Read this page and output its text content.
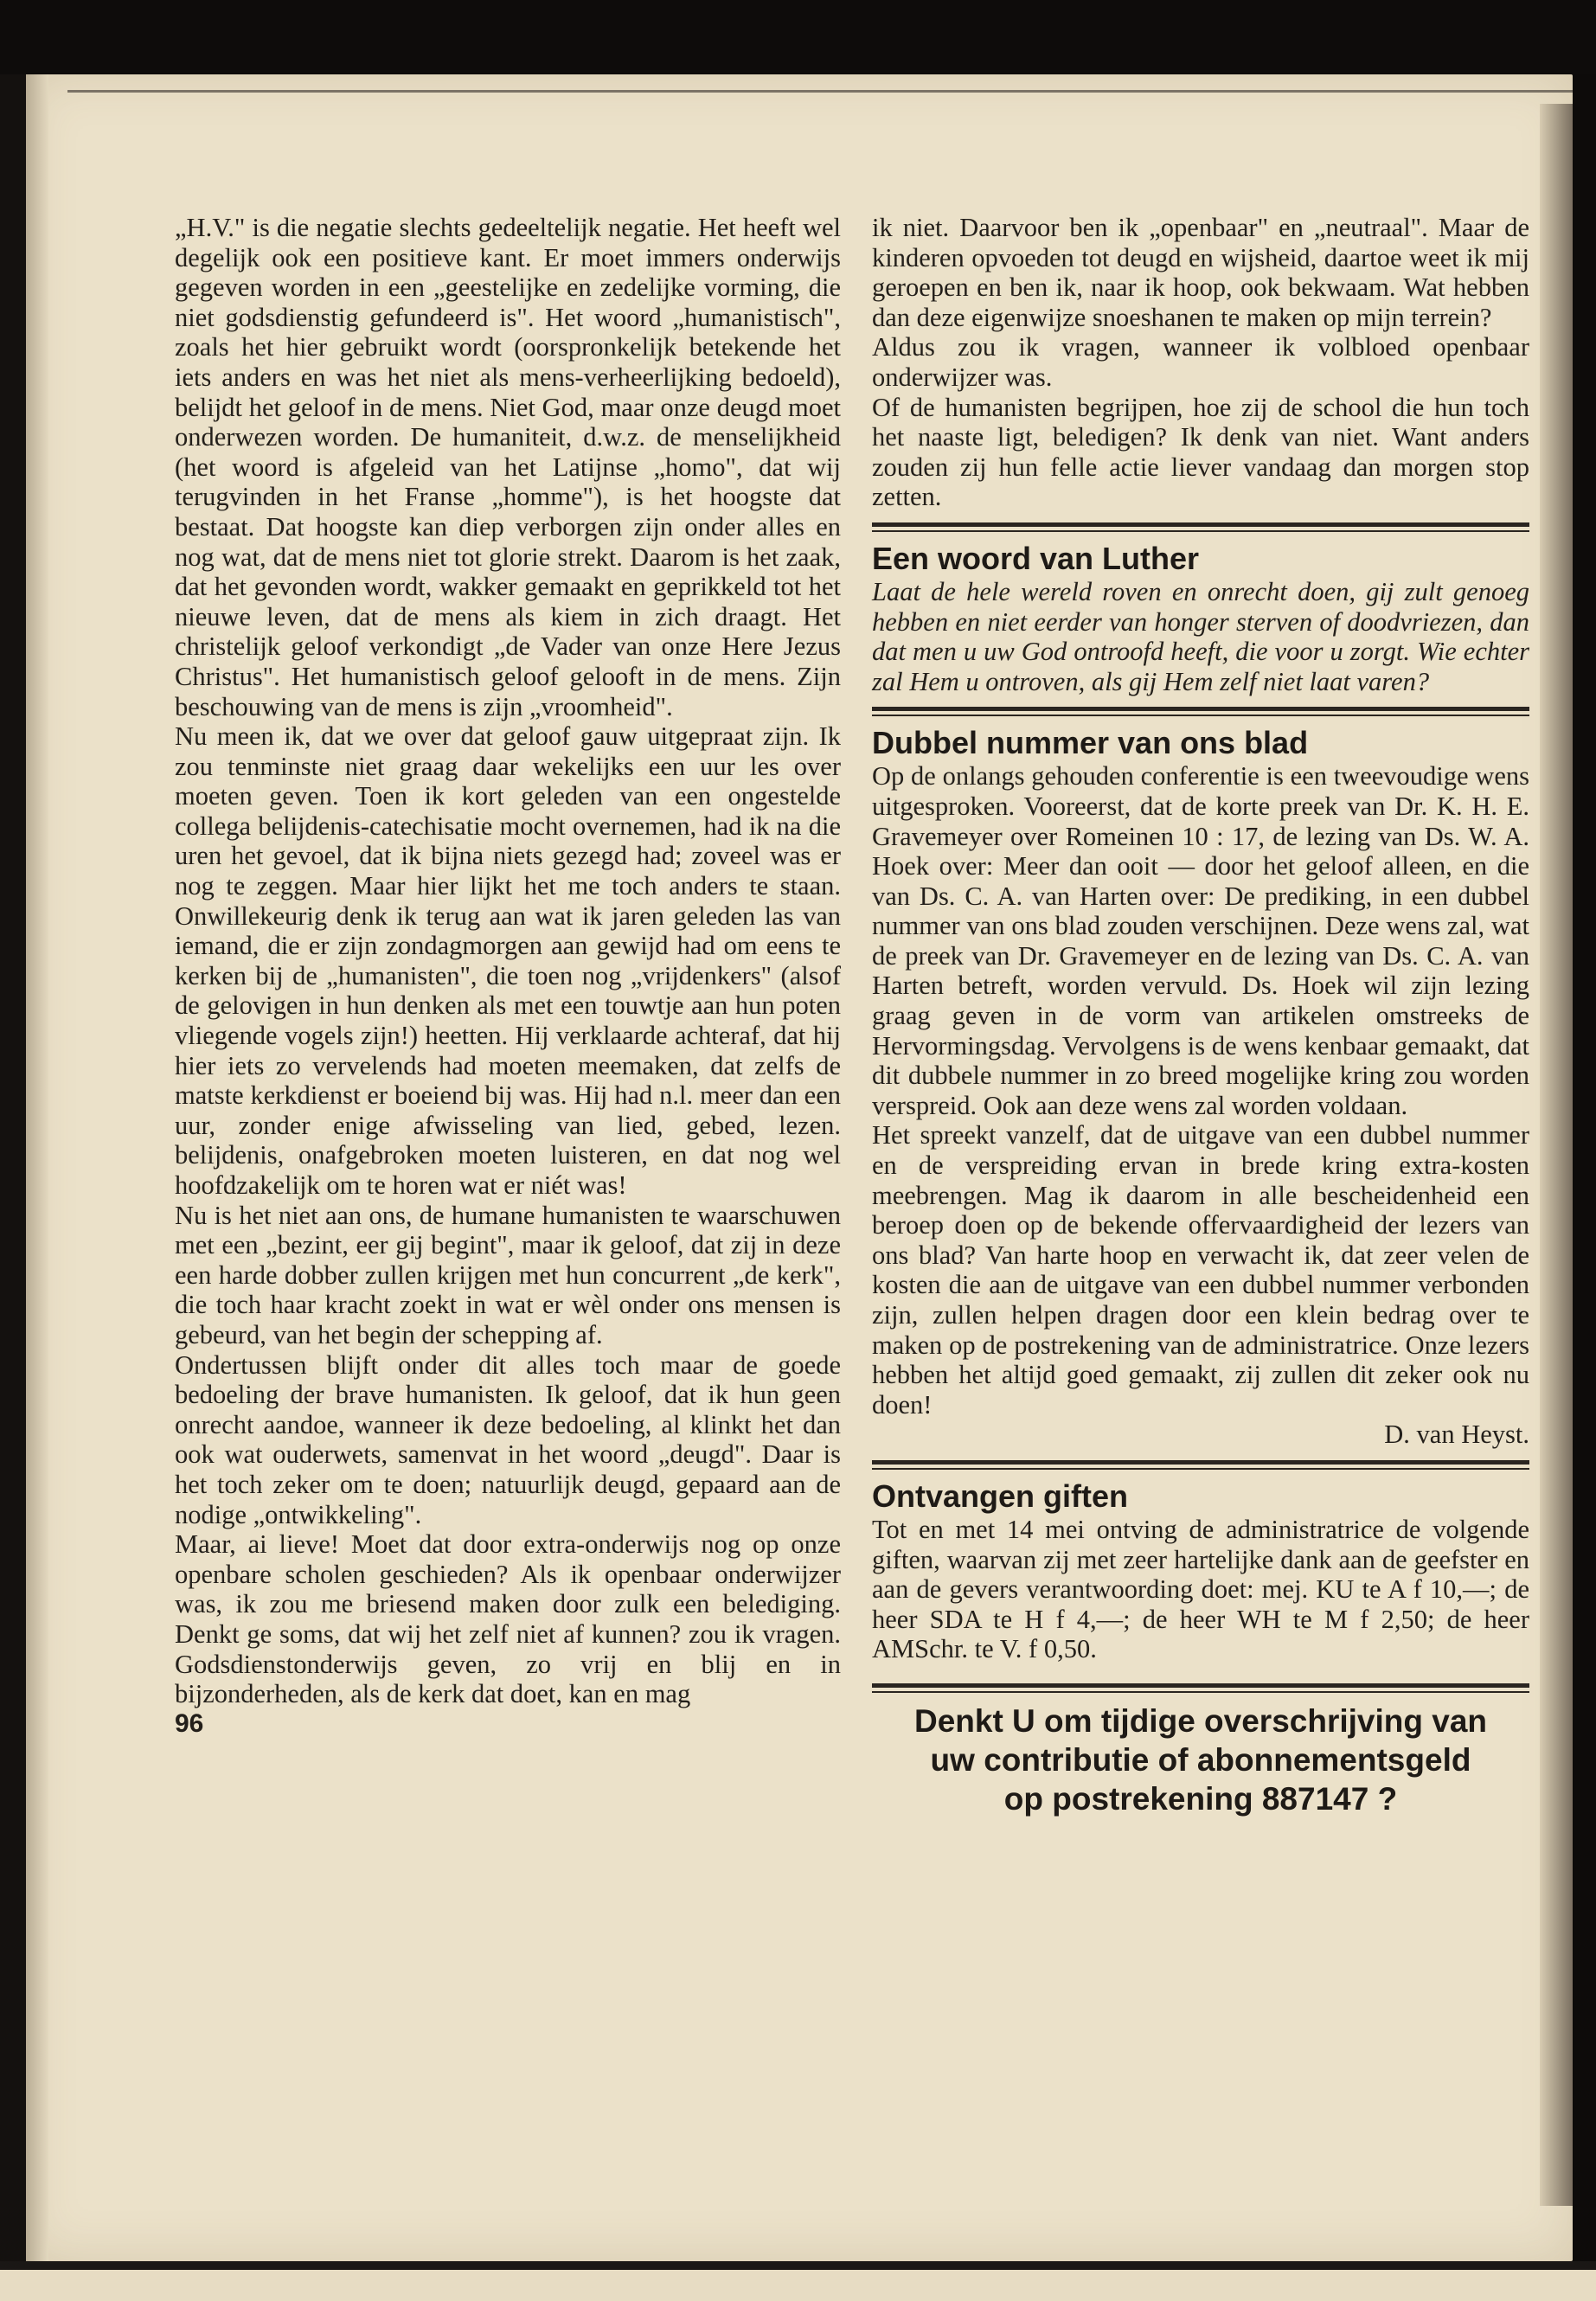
„H.V." is die negatie slechts gedeeltelijk negatie. Het heeft wel degelijk ook een positieve kant. Er moet immers onderwijs gegeven worden in een „geestelijke en zedelijke vorming, die niet godsdienstig gefundeerd is". Het woord „humanistisch", zoals het hier gebruikt wordt (oorspronkelijk betekende het iets anders en was het niet als mens-verheerlijking bedoeld), belijdt het geloof in de mens. Niet God, maar onze deugd moet onderwezen worden. De humaniteit, d.w.z. de menselijkheid (het woord is afgeleid van het Latijnse „homo", dat wij terugvinden in het Franse „homme"), is het hoogste dat bestaat. Dat hoogste kan diep verborgen zijn onder alles en nog wat, dat de mens niet tot glorie strekt. Daarom is het zaak, dat het gevonden wordt, wakker gemaakt en geprikkeld tot het nieuwe leven, dat de mens als kiem in zich draagt. Het christelijk geloof verkondigt „de Vader van onze Here Jezus Christus". Het humanistisch geloof gelooft in de mens. Zijn beschouwing van de mens is zijn „vroomheid".

Nu meen ik, dat we over dat geloof gauw uitgepraat zijn. Ik zou tenminste niet graag daar wekelijks een uur les over moeten geven. Toen ik kort geleden van een ongestelde collega belijdenis-catechisatie mocht overnemen, had ik na die uren het gevoel, dat ik bijna niets gezegd had; zoveel was er nog te zeggen. Maar hier lijkt het me toch anders te staan. Onwillekeurig denk ik terug aan wat ik jaren geleden las van iemand, die er zijn zondagmorgen aan gewijd had om eens te kerken bij de „humanisten", die toen nog „vrijdenkers" (alsof de gelovigen in hun denken als met een touwtje aan hun poten vliegende vogels zijn!) heetten. Hij verklaarde achteraf, dat hij hier iets zo vervelends had moeten meemaken, dat zelfs de matste kerkdienst er boeiend bij was. Hij had n.l. meer dan een uur, zonder enige afwisseling van lied, gebed, lezen. belijdenis, onafgebroken moeten luisteren, en dat nog wel hoofdzakelijk om te horen wat er niét was!

Nu is het niet aan ons, de humane humanisten te waarschuwen met een „bezint, eer gij begint", maar ik geloof, dat zij in deze een harde dobber zullen krijgen met hun concurrent „de kerk", die toch haar kracht zoekt in wat er wèl onder ons mensen is gebeurd, van het begin der schepping af.

Ondertussen blijft onder dit alles toch maar de goede bedoeling der brave humanisten. Ik geloof, dat ik hun geen onrecht aandoe, wanneer ik deze bedoeling, al klinkt het dan ook wat ouderwets, samenvat in het woord „deugd". Daar is het toch zeker om te doen; natuurlijk deugd, gepaard aan de nodige „ontwikkeling".

Maar, ai lieve! Moet dat door extra-onderwijs nog op onze openbare scholen geschieden? Als ik openbaar onderwijzer was, ik zou me briesend maken door zulk een belediging. Denkt ge soms, dat wij het zelf niet af kunnen? zou ik vragen. Godsdienstonderwijs geven, zo vrij en blij en in bijzonderheden, als de kerk dat doet, kan en mag

96

ik niet. Daarvoor ben ik „openbaar" en „neutraal". Maar de kinderen opvoeden tot deugd en wijsheid, daartoe weet ik mij geroepen en ben ik, naar ik hoop, ook bekwaam. Wat hebben dan deze eigenwijze snoeshanen te maken op mijn terrein?

Aldus zou ik vragen, wanneer ik volbloed openbaar onderwijzer was.

Of de humanisten begrijpen, hoe zij de school die hun toch het naaste ligt, beledigen? Ik denk van niet. Want anders zouden zij hun felle actie liever vandaag dan morgen stop zetten.

Een woord van Luther

Laat de hele wereld roven en onrecht doen, gij zult genoeg hebben en niet eerder van honger sterven of doodvriezen, dan dat men u uw God ontroofd heeft, die voor u zorgt. Wie echter zal Hem u ontroven, als gij Hem zelf niet laat varen?

Dubbel nummer van ons blad

Op de onlangs gehouden conferentie is een tweevoudige wens uitgesproken. Vooreerst, dat de korte preek van Dr. K. H. E. Gravemeyer over Romeinen 10 : 17, de lezing van Ds. W. A. Hoek over: Meer dan ooit — door het geloof alleen, en die van Ds. C. A. van Harten over: De prediking, in een dubbel nummer van ons blad zouden verschijnen. Deze wens zal, wat de preek van Dr. Gravemeyer en de lezing van Ds. C. A. van Harten betreft, worden vervuld. Ds. Hoek wil zijn lezing graag geven in de vorm van artikelen omstreeks de Hervormingsdag. Vervolgens is de wens kenbaar gemaakt, dat dit dubbele nummer in zo breed mogelijke kring zou worden verspreid. Ook aan deze wens zal worden voldaan.

Het spreekt vanzelf, dat de uitgave van een dubbel nummer en de verspreiding ervan in brede kring extra-kosten meebrengen. Mag ik daarom in alle bescheidenheid een beroep doen op de bekende offervaardigheid der lezers van ons blad? Van harte hoop en verwacht ik, dat zeer velen de kosten die aan de uitgave van een dubbel nummer verbonden zijn, zullen helpen dragen door een klein bedrag over te maken op de postrekening van de administratrice. Onze lezers hebben het altijd goed gemaakt, zij zullen dit zeker ook nu doen!

D. van Heyst.

Ontvangen giften

Tot en met 14 mei ontving de administratrice de volgende giften, waarvan zij met zeer hartelijke dank aan de geefster en aan de gevers verantwoording doet: mej. KU te A f 10,—; de heer SDA te H f 4,—; de heer WH te M f 2,50; de heer AMSchr. te V. f 0,50.

Denkt U om tijdige overschrijving van
uw contributie of abonnementsgeld
op postrekening 887147 ?
